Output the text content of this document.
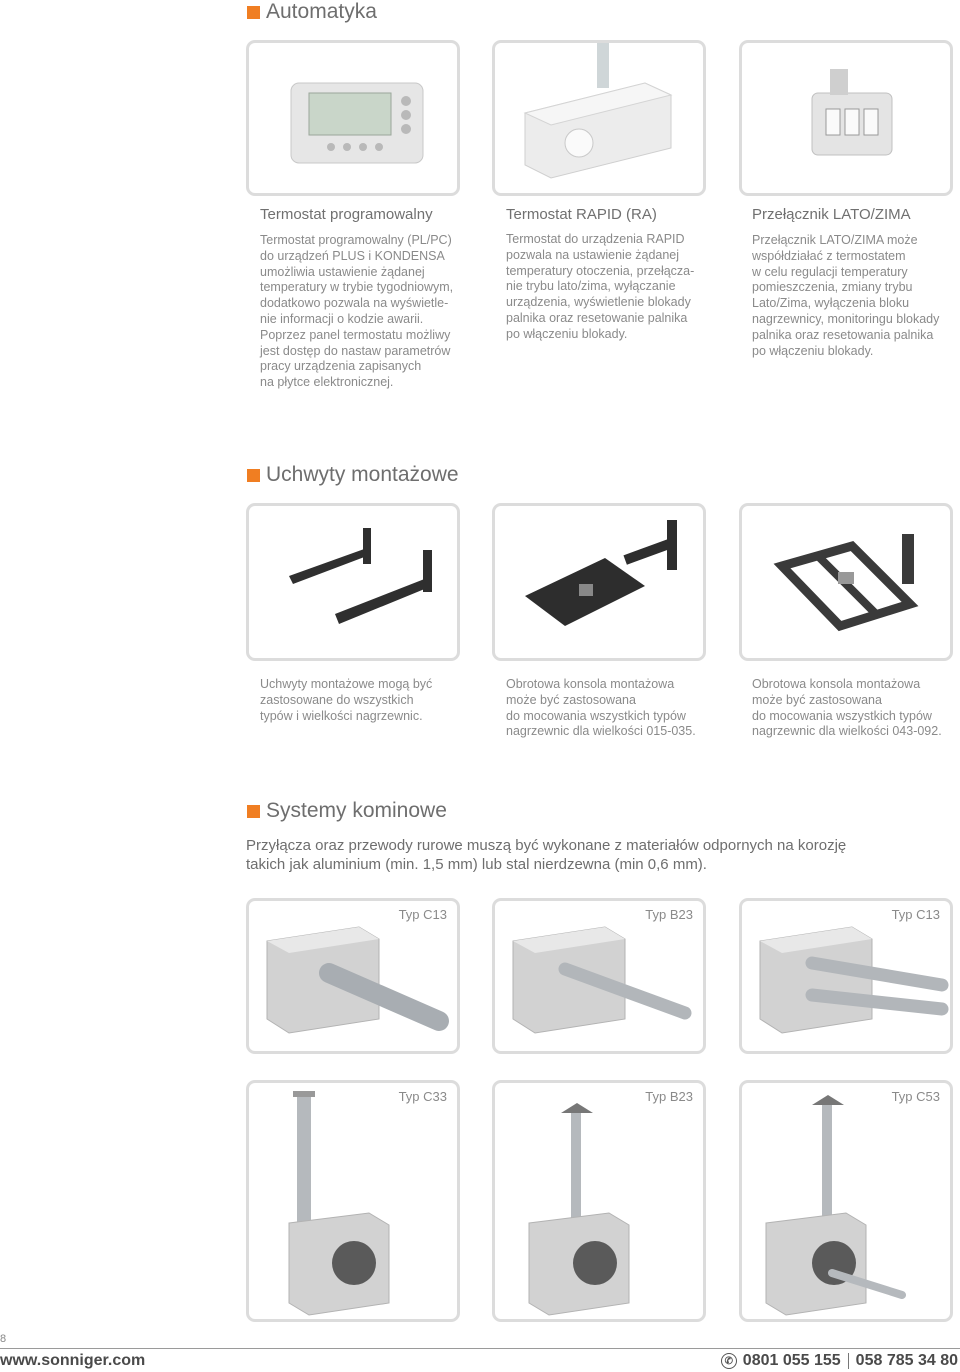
Automatyka
Termostat programowalny	Termostat RAPID (RA)	Przełącznik LATO/ZIMA
Termostat programowalny (PL/PC)
do urządzeń PLUS i KONDENSA
umożliwia ustawienie żądanej
temperatury w trybie tygodniowym,
dodatkowo pozwala na wyświetle-
nie informacji o kodzie awarii.
Poprzez panel termostatu możliwy
jest dostęp do nastaw parametrów
pracy urządzenia zapisanych
na płytce elektronicznej.
Termostat do urządzenia RAPID
pozwala na ustawienie żądanej
temperatury otoczenia, przełącza-
nie trybu lato/zima, wyłączanie
urządzenia, wyświetlenie blokady
palnika oraz resetowanie palnika
po włączeniu blokady.
Przełącznik LATO/ZIMA może
współdziałać z termostatem
w celu regulacji temperatury
pomieszczenia, zmiany trybu
Lato/Zima, wyłączenia bloku
nagrzewnicy, monitoringu blokady
palnika oraz resetowania palnika
po włączeniu blokady.
Uchwyty montażowe
Uchwyty montażowe mogą być
zastosowane do wszystkich
typów i wielkości nagrzewnic.
Obrotowa konsola montażowa
może być zastosowana
do mocowania wszystkich typów
nagrzewnic dla wielkości 015-035.
Obrotowa konsola montażowa
może być zastosowana
do mocowania wszystkich typów
nagrzewnic dla wielkości 043-092.
Systemy kominowe
Przyłącza oraz przewody rurowe muszą być wykonane z materiałów odpornych na korozję
takich jak aluminium (min. 1,5 mm) lub stal nierdzewna (min 0,6 mm).
Typ C13	Typ B23	Typ C13
Typ C33	Typ B23	Typ C53
8
www.sonniger.com	✆ 0801 055 155 058 785 34 80
